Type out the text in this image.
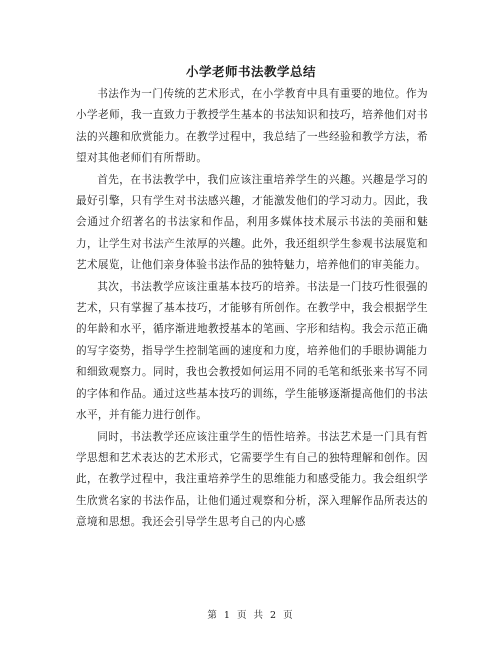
小学老师书法教学总结

书法作为一门传统的艺术形式，在小学教育中具有重要的地位。作为小学老师，我一直致力于教授学生基本的书法知识和技巧，培养他们对书法的兴趣和欣赏能力。在教学过程中，我总结了一些经验和教学方法，希望对其他老师们有所帮助。

首先，在书法教学中，我们应该注重培养学生的兴趣。兴趣是学习的最好引擎，只有学生对书法感兴趣，才能激发他们的学习动力。因此，我会通过介绍著名的书法家和作品，利用多媒体技术展示书法的美丽和魅力，让学生对书法产生浓厚的兴趣。此外，我还组织学生参观书法展览和艺术展览，让他们亲身体验书法作品的独特魅力，培养他们的审美能力。

其次，书法教学应该注重基本技巧的培养。书法是一门技巧性很强的艺术，只有掌握了基本技巧，才能够有所创作。在教学中，我会根据学生的年龄和水平，循序渐进地教授基本的笔画、字形和结构。我会示范正确的写字姿势，指导学生控制笔画的速度和力度，培养他们的手眼协调能力和细致观察力。同时，我也会教授如何运用不同的毛笔和纸张来书写不同的字体和作品。通过这些基本技巧的训练，学生能够逐渐提高他们的书法水平，并有能力进行创作。

同时，书法教学还应该注重学生的悟性培养。书法艺术是一门具有哲学思想和艺术表达的艺术形式，它需要学生有自己的独特理解和创作。因此，在教学过程中，我注重培养学生的思维能力和感受能力。我会组织学生欣赏名家的书法作品，让他们通过观察和分析，深入理解作品所表达的意境和思想。我还会引导学生思考自己的内心感

第 1 页 共 2 页
